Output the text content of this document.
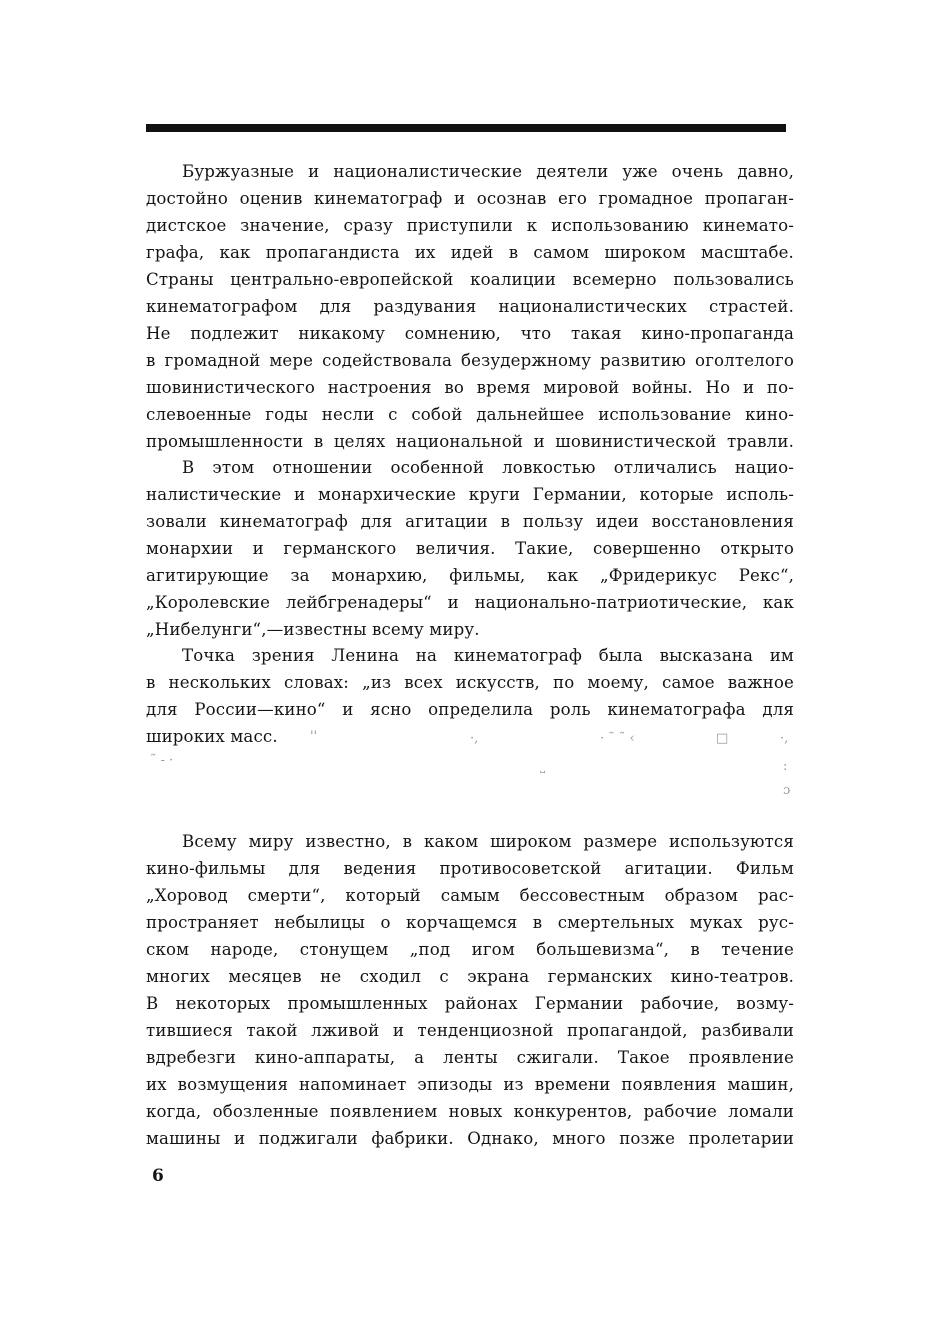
Буржуазные и националистические деятели уже очень давно,
достойно оценив кинематограф и осознав его громадное пропаган-
дистское значение, сразу приступили к использованию кинемато-
графа, как пропагандиста их идей в самом широком масштабе.
Страны центрально-европейской коалиции всемерно пользовались
кинематографом для раздувания националистических страстей.
Не подлежит никакому сомнению, что такая кино-пропаганда
в громадной мере содействовала безудержному развитию оголтелого
шовинистического настроения во время мировой войны. Но и по-
слевоенные годы несли с собой дальнейшее использование кино-
промышленности в целях национальной и шовинистической травли.
В этом отношении особенной ловкостью отличались нацио-
налистические и монархические круги Германии, которые исполь-
зовали кинематограф для агитации в пользу идеи восстановления
монархии и германского величия. Такие, совершенно открыто
агитирующие за монархию, фильмы, как „Фридерикус Рекс“,
„Королевские лейбгренадеры“ и национально-патриотические, как
„Нибелунги“,—известны всему миру.
Точка зрения Ленина на кинематограф была высказана им
в нескольких словах: „из всех искусств, по моему, самое важное
для России—кино“ и ясно определила роль кинематографа для
широких масс.	''	·,	· ˜ ˜ ‹	□	·,
˜ - ·	˽	:
ɔ
Всему миру известно, в каком широком размере используются
кино-фильмы для ведения противосоветской агитации. Фильм
„Хоровод смерти“, который самым бессовестным образом рас-
пространяет небылицы о корчащемся в смертельных муках рус-
ском народе, стонущем „под игом большевизма“, в течение
многих месяцев не сходил с экрана германских кино-театров.
В некоторых промышленных районах Германии рабочие, возму-
тившиеся такой лживой и тенденциозной пропагандой, разбивали
вдребезги кино-аппараты, а ленты сжигали. Такое проявление
их возмущения напоминает эпизоды из времени появления машин,
когда, обозленные появлением новых конкурентов, рабочие ломали
машины и поджигали фабрики. Однако, много позже пролетарии
6
